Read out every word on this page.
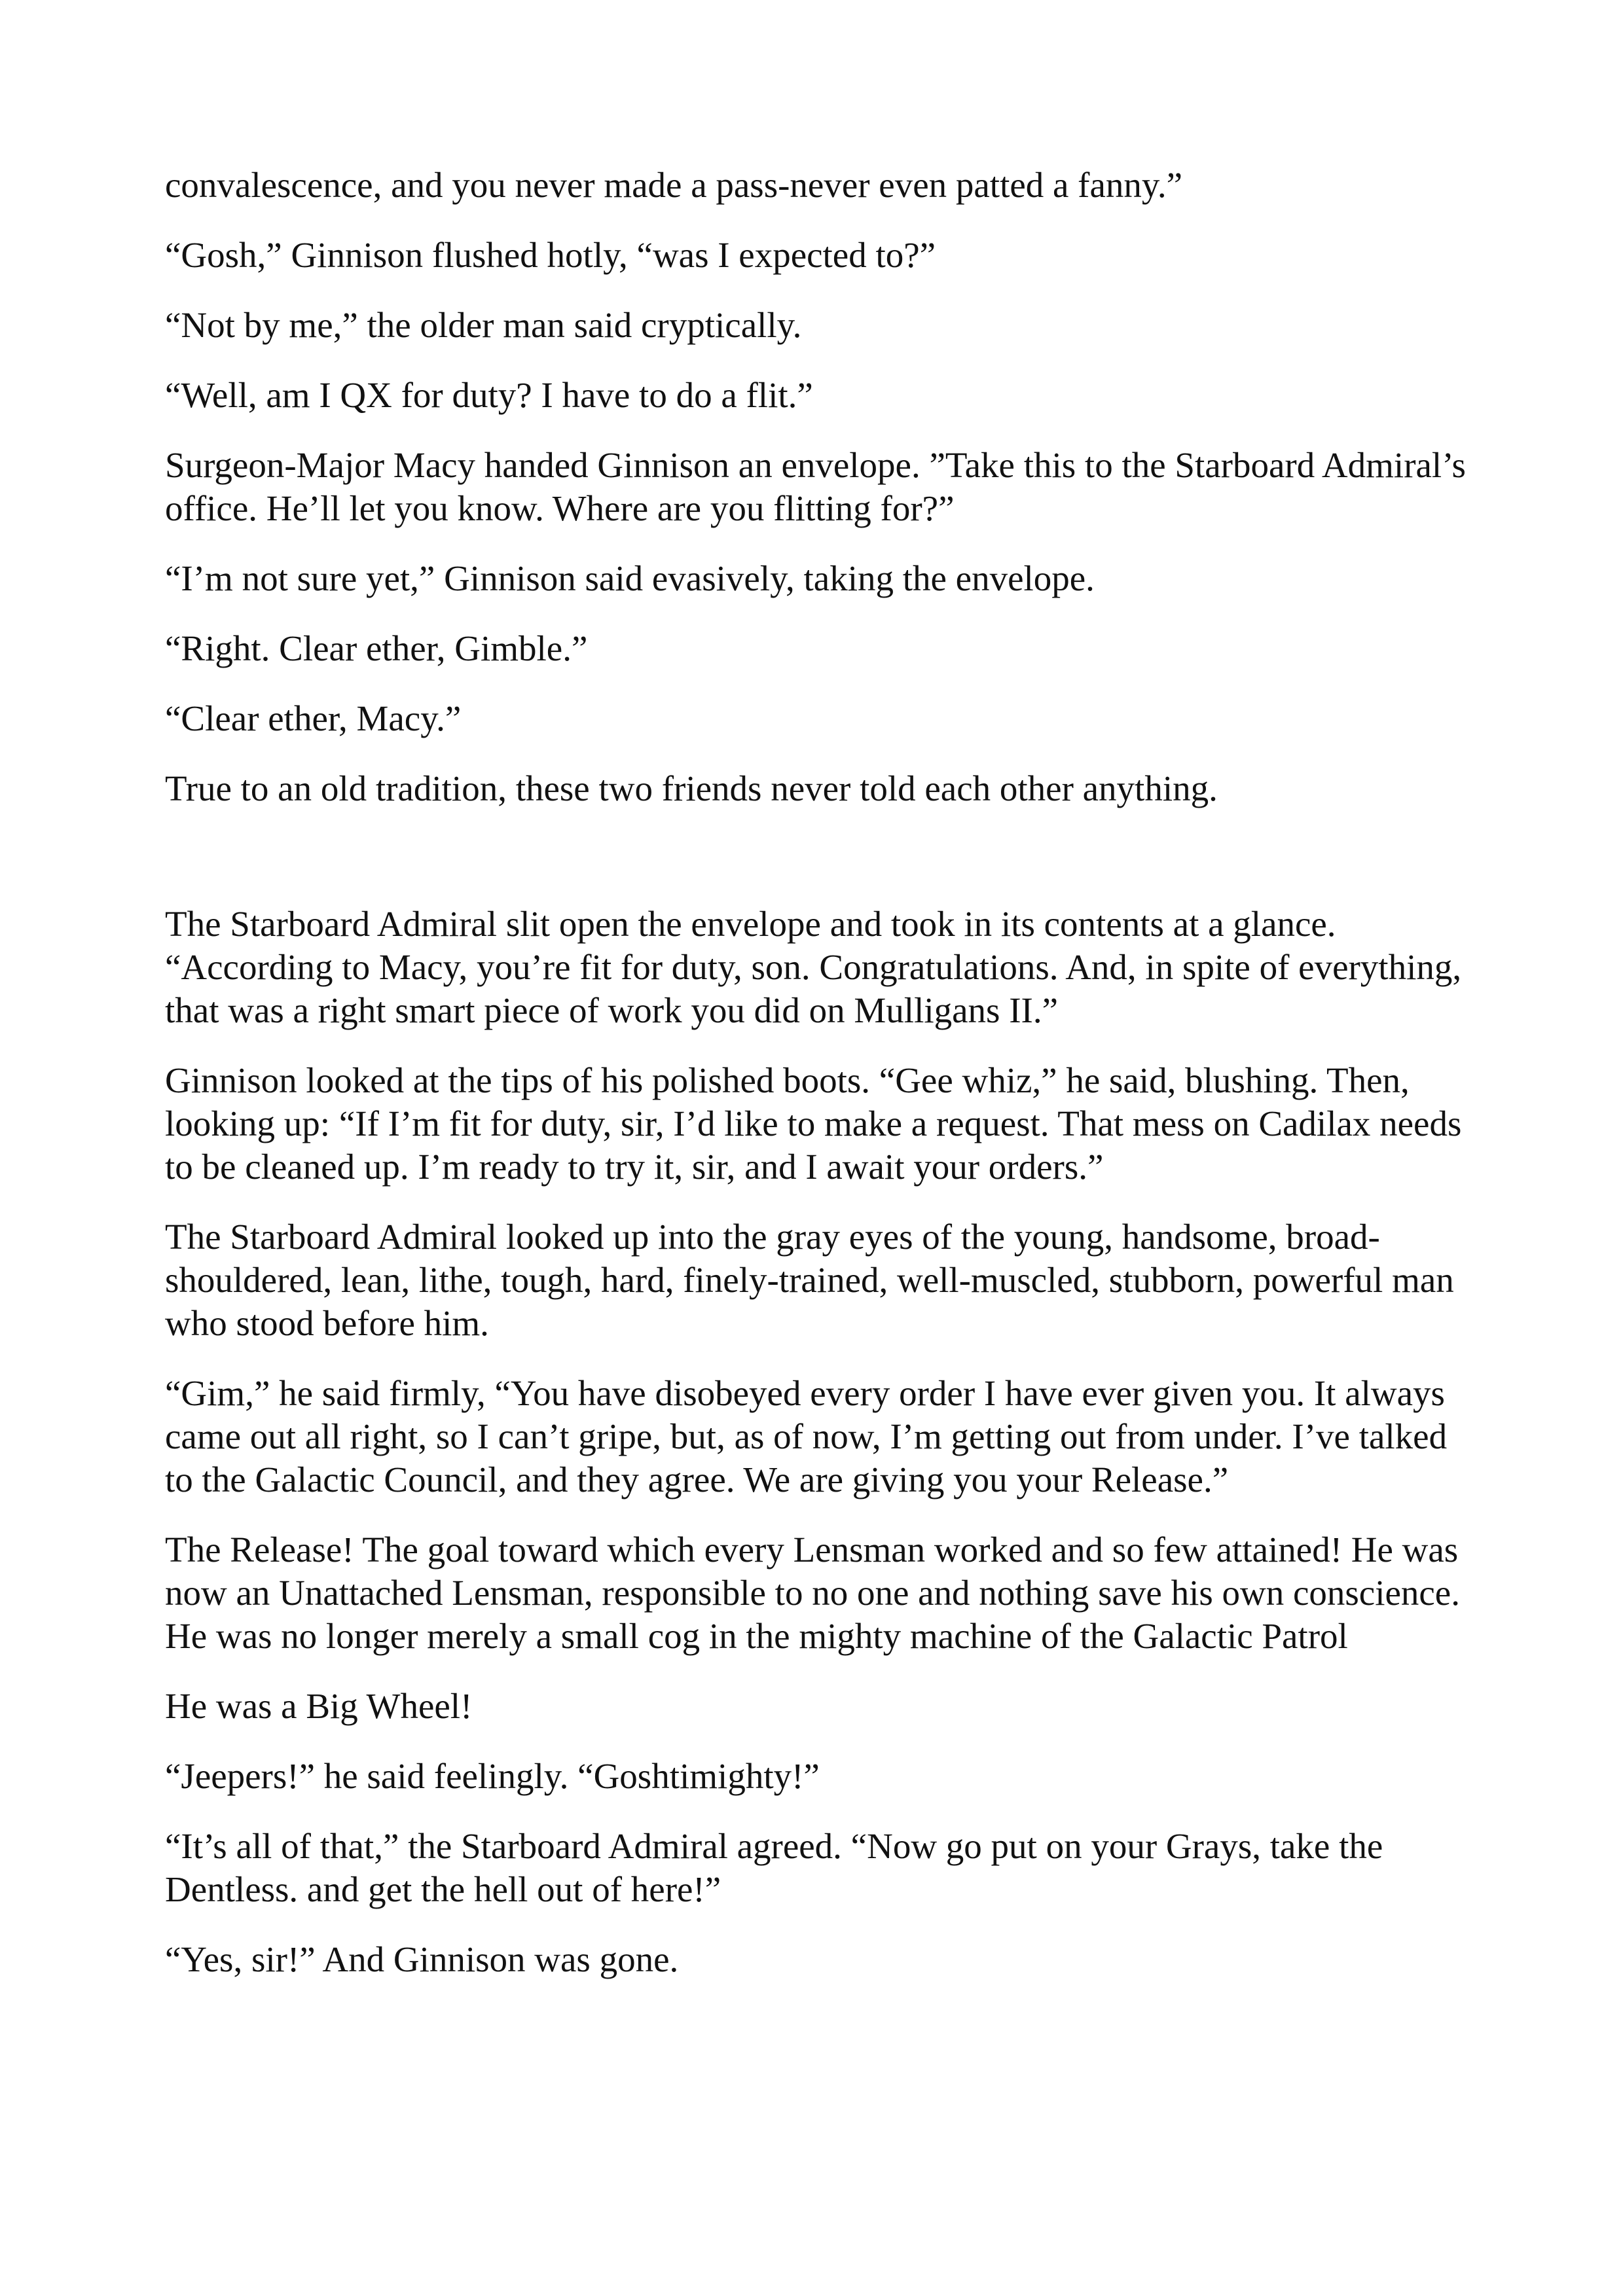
convalescence, and you never made a pass-never even patted a fanny.”

“Gosh,” Ginnison flushed hotly, “was I expected to?”

“Not by me,” the older man said cryptically.

“Well, am I QX for duty? I have to do a flit.”

Surgeon-Major Macy handed Ginnison an envelope. ”Take this to the Starboard Admiral’s office. He’ll let you know. Where are you flitting for?”

“I’m not sure yet,” Ginnison said evasively, taking the envelope.

“Right. Clear ether, Gimble.”

“Clear ether, Macy.”

True to an old tradition, these two friends never told each other anything.

The Starboard Admiral slit open the envelope and took in its contents at a glance. “According to Macy, you’re fit for duty, son. Congratulations. And, in spite of everything, that was a right smart piece of work you did on Mulligans II.”

Ginnison looked at the tips of his polished boots. “Gee whiz,” he said, blushing. Then, looking up: “If I’m fit for duty, sir, I’d like to make a request. That mess on Cadilax needs to be cleaned up. I’m ready to try it, sir, and I await your orders.”

The Starboard Admiral looked up into the gray eyes of the young, handsome, broad-shouldered, lean, lithe, tough, hard, finely-trained, well-muscled, stubborn, powerful man who stood before him.

“Gim,” he said firmly, “You have disobeyed every order I have ever given you. It always came out all right, so I can’t gripe, but, as of now, I’m getting out from under. I’ve talked to the Galactic Council, and they agree. We are giving you your Release.”

The Release! The goal toward which every Lensman worked and so few attained! He was now an Unattached Lensman, responsible to no one and nothing save his own conscience. He was no longer merely a small cog in the mighty machine of the Galactic Patrol

He was a Big Wheel!

“Jeepers!” he said feelingly. “Goshtimighty!”

“It’s all of that,” the Starboard Admiral agreed. “Now go put on your Grays, take the Dentless. and get the hell out of here!”

“Yes, sir!” And Ginnison was gone.
